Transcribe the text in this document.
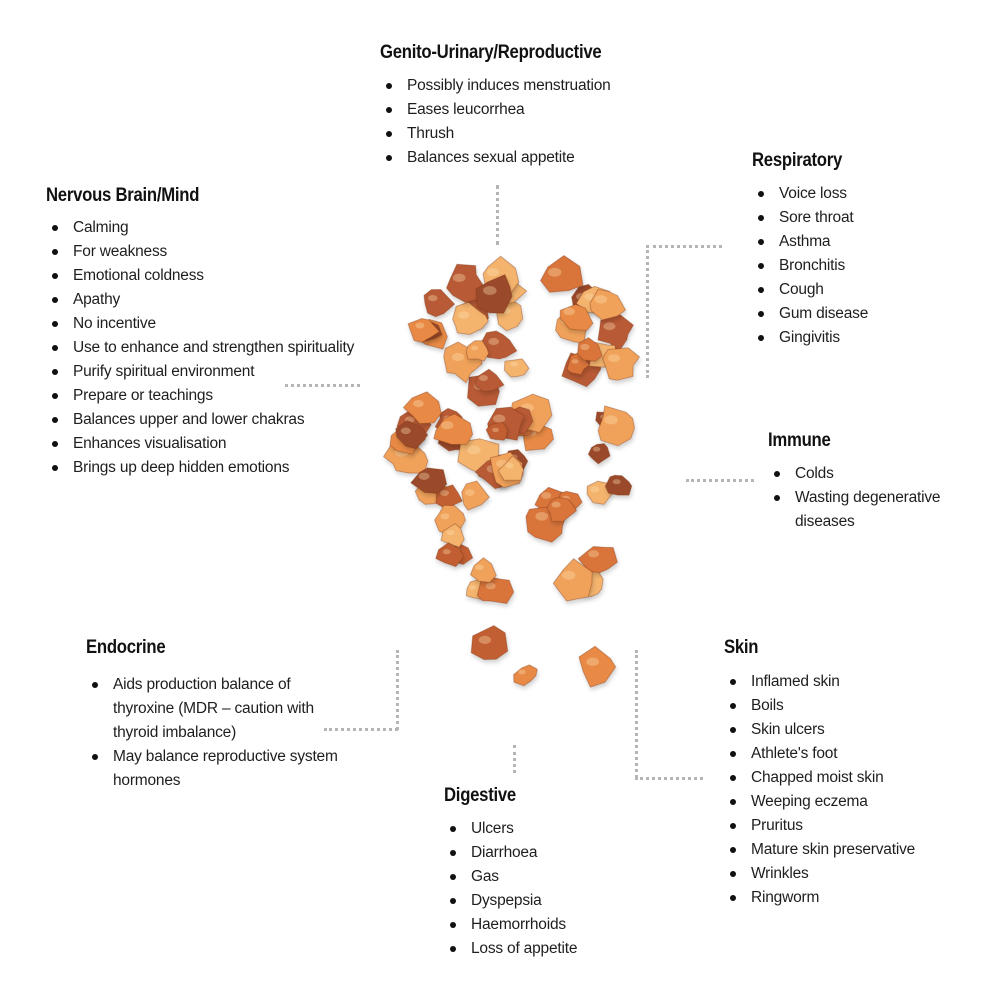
Genito-Urinary/Reproductive
Possibly induces menstruation
Eases leucorrhea
Thrush
Balances sexual appetite
Nervous Brain/Mind
Calming
For weakness
Emotional coldness
Apathy
No incentive
Use to enhance and strengthen spirituality
Purify spiritual environment
Prepare or teachings
Balances upper and lower chakras
Enhances visualisation
Brings up deep hidden emotions
Respiratory
Voice loss
Sore throat
Asthma
Bronchitis
Cough
Gum disease
Gingivitis
Immune
Colds
Wasting degenerative diseases
Endocrine
Aids production balance of thyroxine (MDR – caution with thyroid imbalance)
May balance reproductive system hormones
Skin
Inflamed skin
Boils
Skin ulcers
Athlete's foot
Chapped moist skin
Weeping eczema
Pruritus
Mature skin preservative
Wrinkles
Ringworm
Digestive
Ulcers
Diarrhoea
Gas
Dyspepsia
Haemorrhoids
Loss of appetite
